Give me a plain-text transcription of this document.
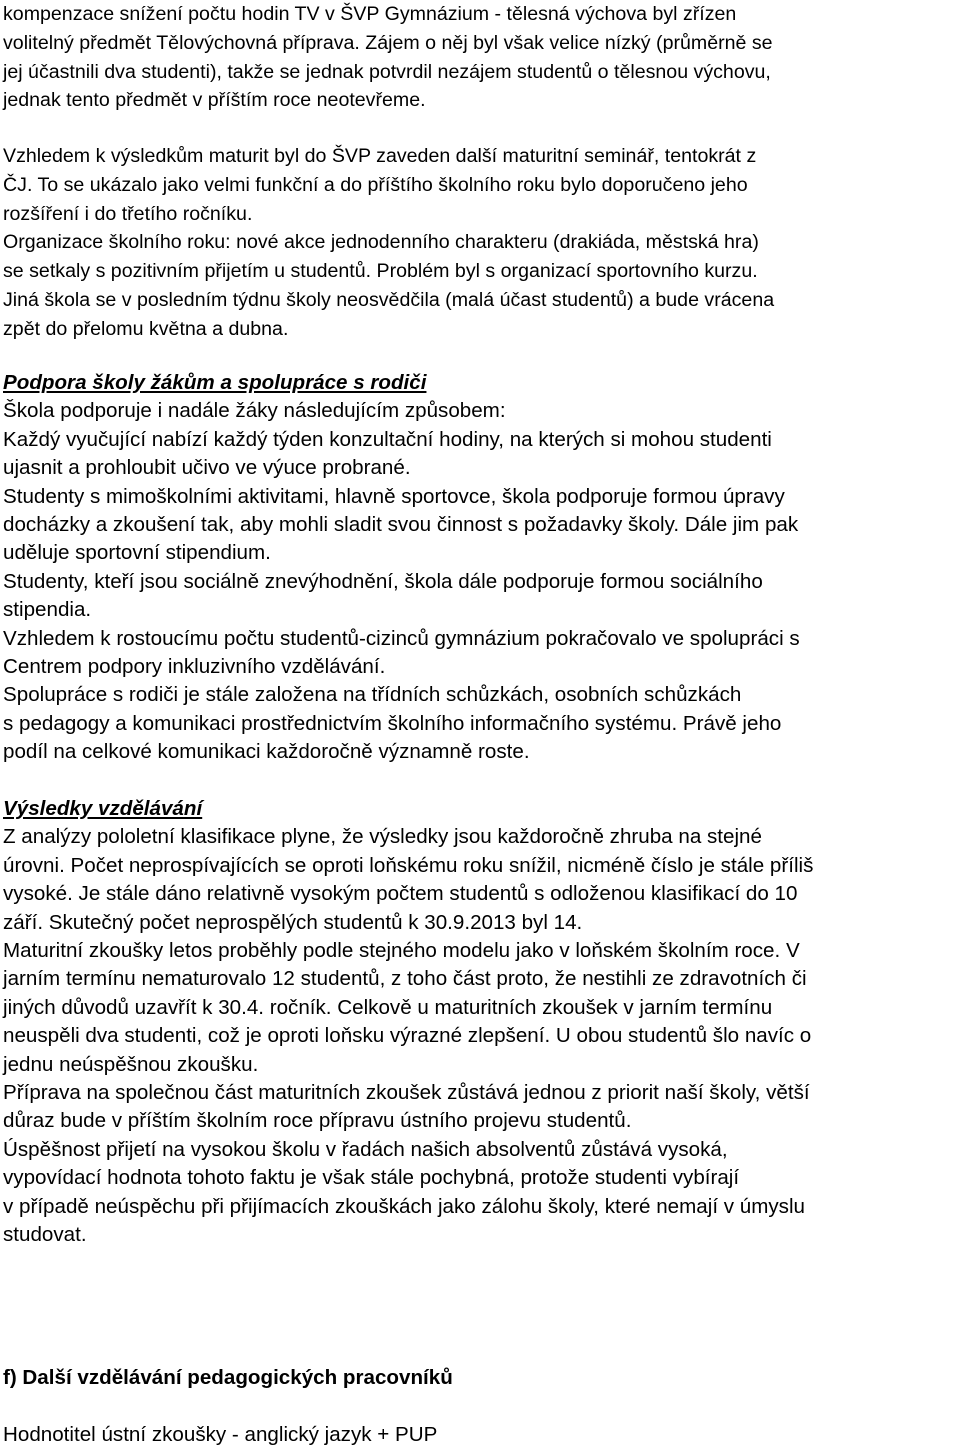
kompenzace snížení počtu hodin TV v ŠVP Gymnázium - tělesná výchova byl zřízen
volitelný předmět Tělovýchovná příprava. Zájem o něj byl však velice nízký (průměrně se
jej účastnili dva studenti), takže se jednak potvrdil nezájem studentů o tělesnou výchovu,
jednak tento předmět v příštím roce neotevřeme.
Vzhledem k výsledkům maturit byl do ŠVP zaveden další maturitní seminář, tentokrát z
ČJ. To se ukázalo jako velmi funkční a do příštího školního roku bylo doporučeno jeho
rozšíření i do třetího ročníku.
Organizace školního roku: nové akce jednodenního charakteru (drakiáda, městská hra)
se setkaly s pozitivním přijetím u studentů. Problém byl s organizací sportovního kurzu.
Jiná škola se v posledním týdnu školy neosvědčila (malá účast studentů) a bude vrácena
zpět do přelomu května a dubna.
Podpora školy žákům a spolupráce s rodiči
Škola podporuje i nadále žáky následujícím způsobem:
Každý vyučující nabízí každý týden konzultační hodiny, na kterých si mohou studenti
ujasnit a prohloubit učivo ve výuce probrané.
Studenty s mimoškolními aktivitami, hlavně sportovce, škola podporuje formou úpravy
docházky a zkoušení tak, aby mohli sladit svou činnost s požadavky školy. Dále jim pak
uděluje sportovní stipendium.
Studenty, kteří jsou sociálně znevýhodnění, škola dále podporuje formou sociálního
stipendia.
Vzhledem k rostoucímu počtu studentů-cizinců gymnázium pokračovalo ve spolupráci s
Centrem podpory inkluzivního vzdělávání.
Spolupráce s rodiči je stále založena na třídních schůzkách, osobních schůzkách
s pedagogy a komunikaci prostřednictvím školního informačního systému. Právě jeho
podíl na celkové komunikaci každoročně významně roste.
Výsledky vzdělávání
Z analýzy pololetní klasifikace plyne, že výsledky jsou každoročně zhruba na stejné
úrovni. Počet neprospívajících se oproti loňskému roku snížil, nicméně číslo je stále příliš
vysoké. Je stále dáno relativně vysokým počtem studentů s odloženou klasifikací do 10
září. Skutečný počet neprospělých studentů k 30.9.2013 byl 14.
Maturitní zkoušky letos proběhly podle stejného modelu jako v loňském školním roce. V
jarním termínu nematurovalo 12 studentů, z toho část proto, že nestihli ze zdravotních či
jiných důvodů uzavřít k 30.4. ročník. Celkově u maturitních zkoušek v jarním termínu
neuspěli dva studenti, což je oproti loňsku výrazné zlepšení. U obou studentů šlo navíc o
jednu neúspěšnou zkoušku.
Příprava na společnou část maturitních zkoušek zůstává jednou z priorit naší školy, větší
důraz bude v příštím školním roce přípravu ústního projevu studentů.
Úspěšnost přijetí na vysokou školu v řadách našich absolventů zůstává vysoká,
vypovídací hodnota tohoto faktu je však stále pochybná, protože studenti vybírají
v případě neúspěchu při přijímacích zkouškách jako zálohu školy, které nemají v úmyslu
studovat.
f) Další vzdělávání pedagogických pracovníků
Hodnotitel ústní zkoušky - anglický jazyk + PUP
